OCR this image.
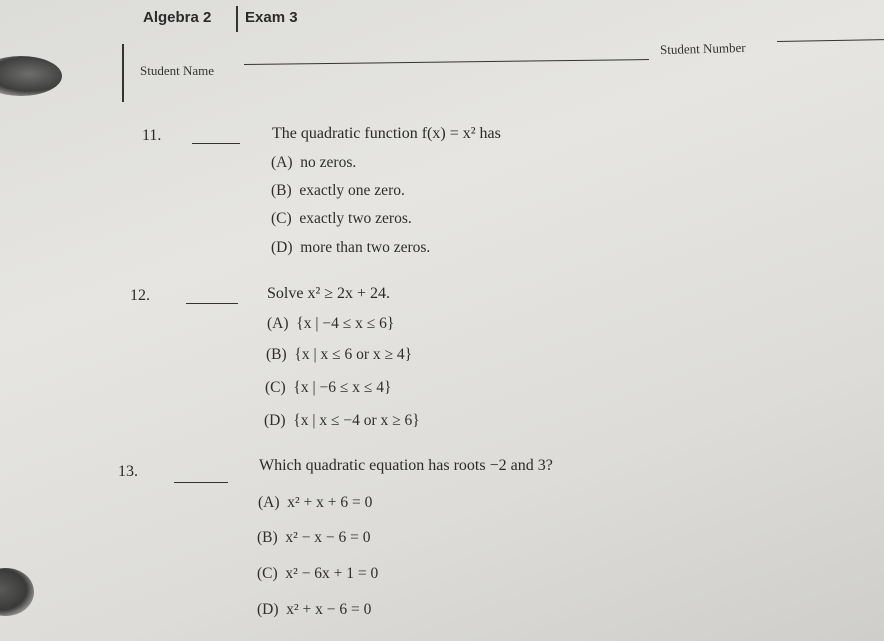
Algebra 2 Exam 3
Student Name
Student Number
11.	The quadratic function f(x) = x² has
(A) no zeros.
(B) exactly one zero.
(C) exactly two zeros.
(D) more than two zeros.
12.	Solve x² ≥ 2x + 24.
(A) {x | −4 ≤ x ≤ 6}
(B) {x | x ≤ 6 or x ≥ 4}
(C) {x | −6 ≤ x ≤ 4}
(D) {x | x ≤ −4 or x ≥ 6}
13.	Which quadratic equation has roots −2 and 3?
(A) x² + x + 6 = 0
(B) x² − x − 6 = 0
(C) x² − 6x + 1 = 0
(D) x² + x − 6 = 0
